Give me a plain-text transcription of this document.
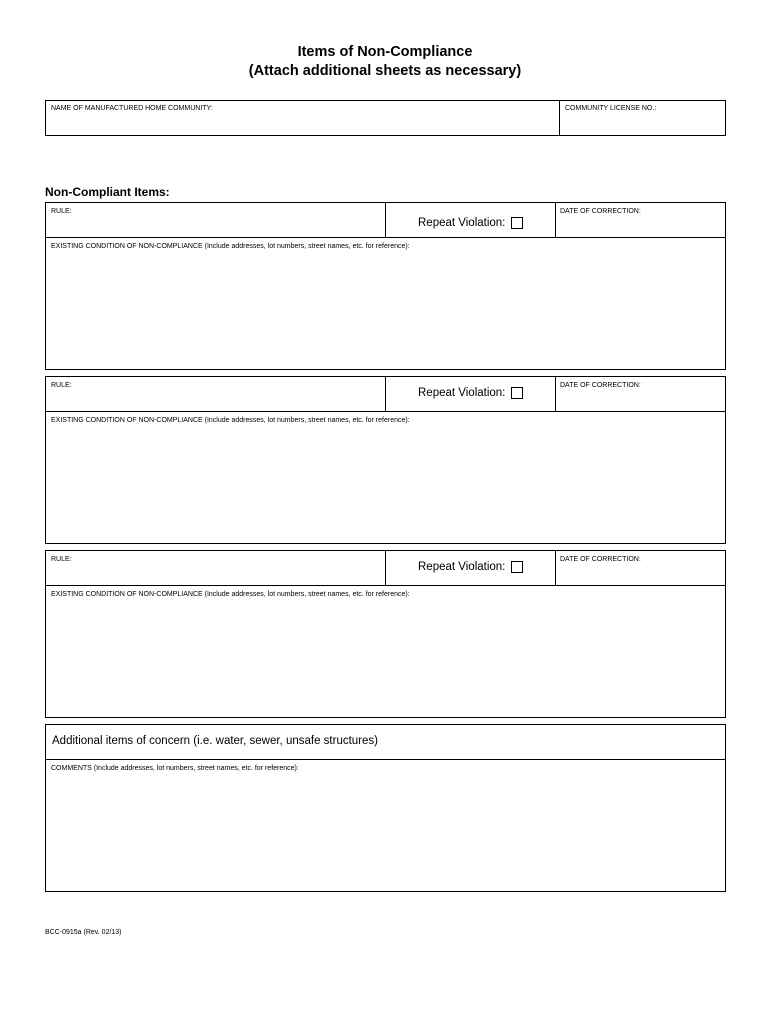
Items of Non-Compliance
(Attach additional sheets as necessary)
NAME OF MANUFACTURED HOME COMMUNITY:	COMMUNITY LICENSE NO.:
Non-Compliant Items:
RULE:
Repeat Violation:
DATE OF CORRECTION:
EXISTING CONDITION OF NON-COMPLIANCE (Include addresses, lot numbers, street names, etc. for reference):
RULE:
Repeat Violation:
DATE OF CORRECTION:
EXISTING CONDITION OF NON-COMPLIANCE (Include addresses, lot numbers, street names, etc. for reference):
RULE:
Repeat Violation:
DATE OF CORRECTION:
EXISTING CONDITION OF NON-COMPLIANCE (Include addresses, lot numbers, street names, etc. for reference):
Additional items of concern (i.e. water, sewer, unsafe structures)
COMMENTS (Include addresses, lot numbers, street names, etc. for reference):
BCC-0915a (Rev. 02/13)
